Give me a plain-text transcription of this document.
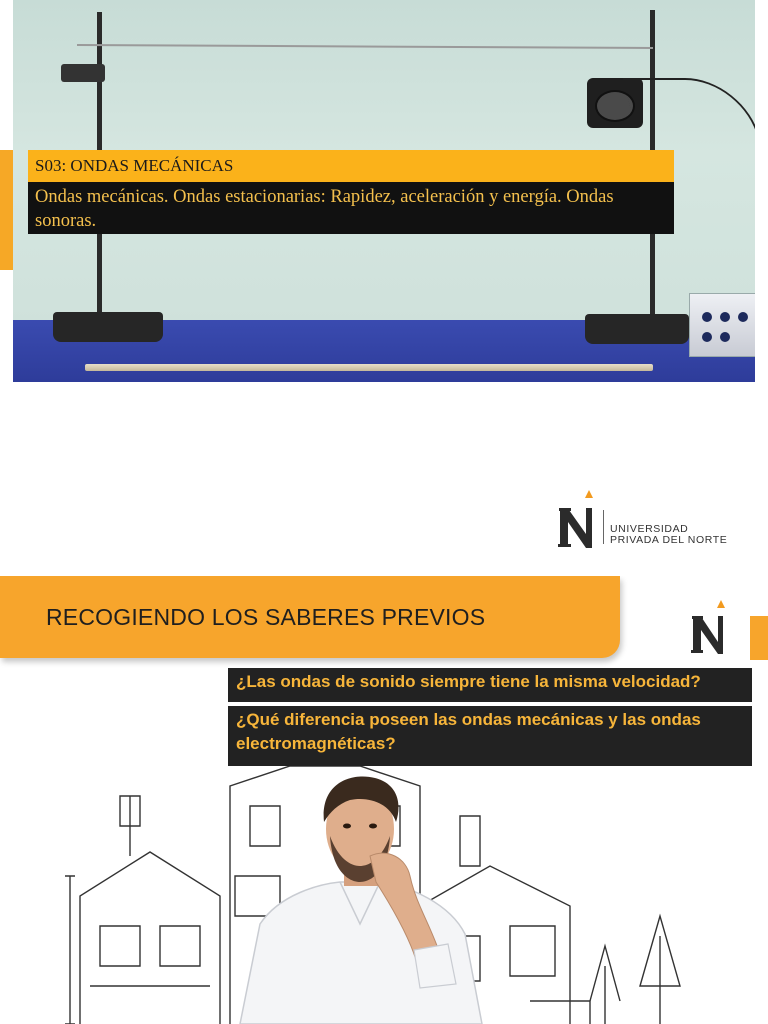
S03: ONDAS MECÁNICAS
Ondas mecánicas. Ondas estacionarias: Rapidez, aceleración y energía. Ondas sonoras.
UNIVERSIDAD
PRIVADA DEL NORTE
RECOGIENDO LOS SABERES PREVIOS
¿Las ondas de sonido siempre tiene la misma velocidad?
¿Qué diferencia poseen las ondas mecánicas y las ondas electromagnéticas?
